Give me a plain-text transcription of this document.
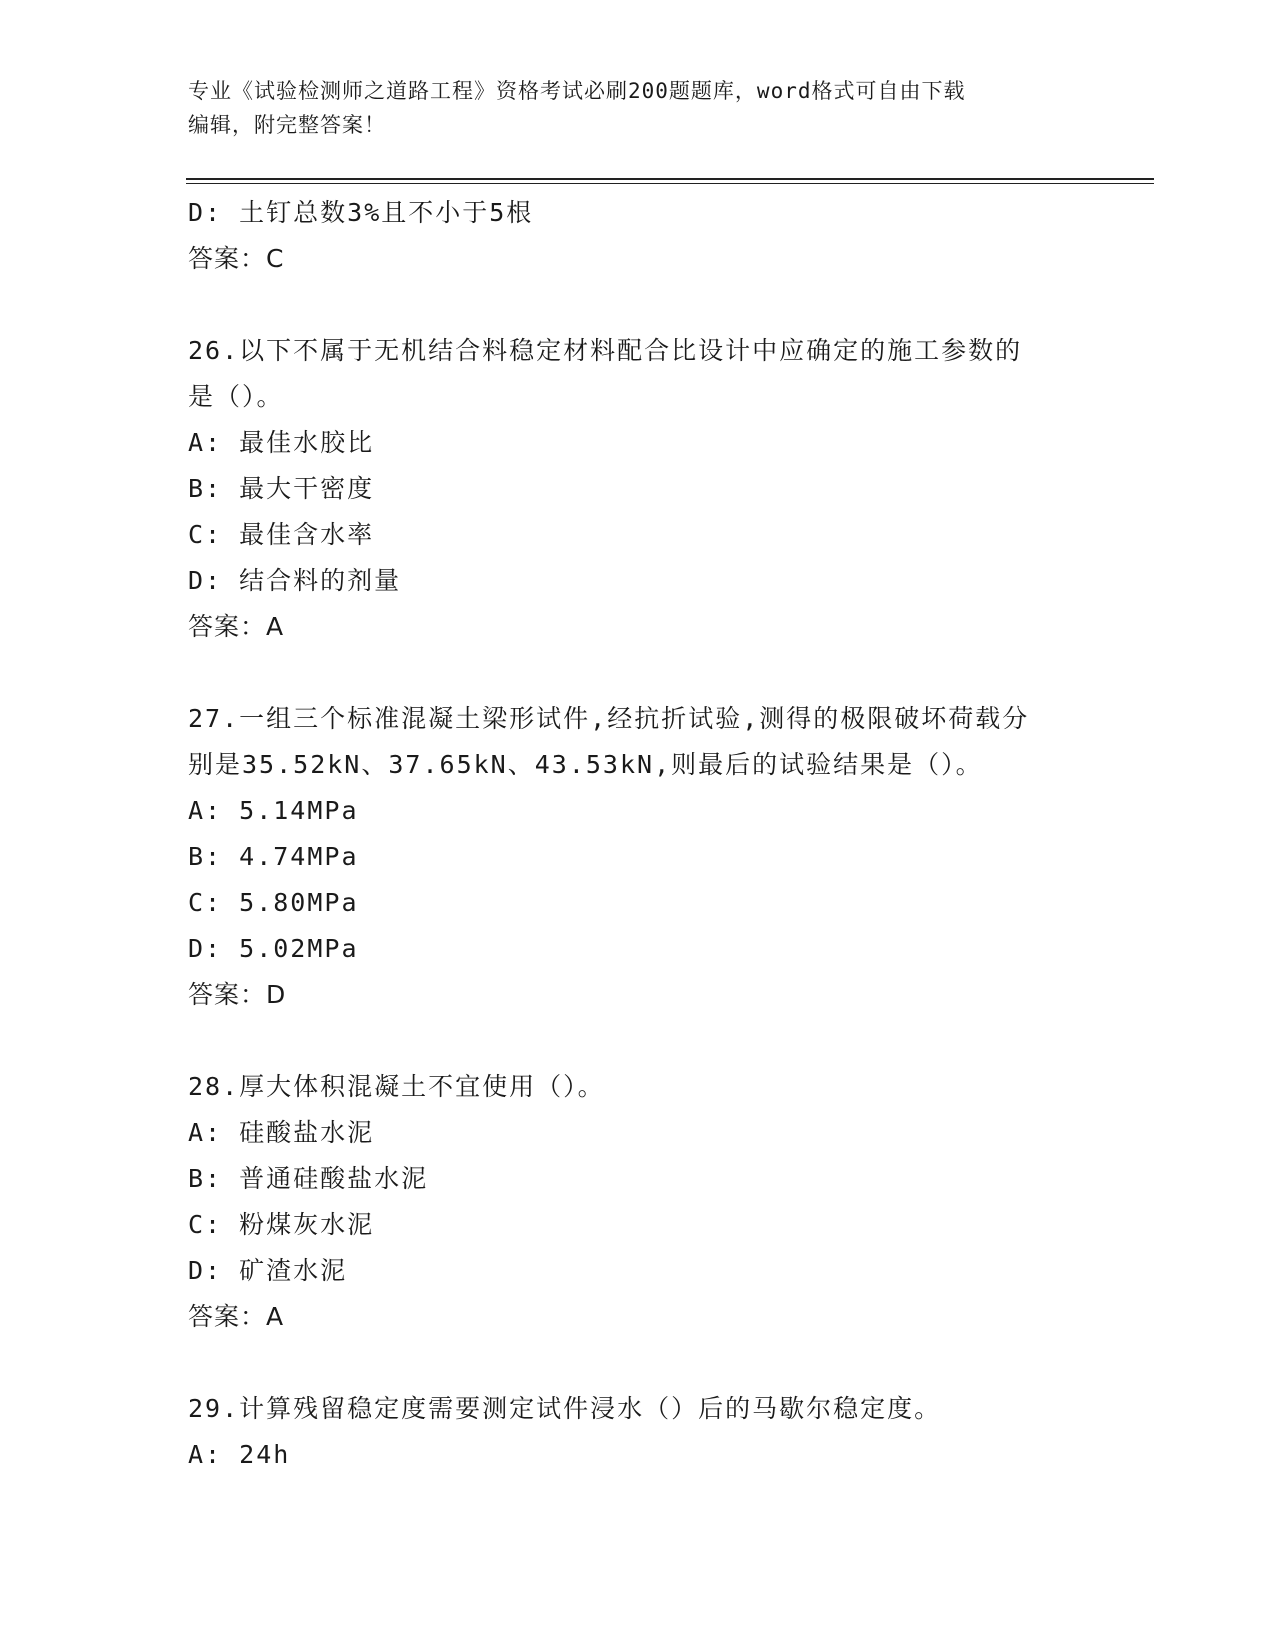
专业《试验检测师之道路工程》资格考试必刷200题题库，word格式可自由下载
编辑，附完整答案！
D: 土钉总数3%且不小于5根
答案：C
26.以下不属于无机结合料稳定材料配合比设计中应确定的施工参数的
是（）。
A: 最佳水胶比
B: 最大干密度
C: 最佳含水率
D: 结合料的剂量
答案：A
27.一组三个标准混凝土梁形试件,经抗折试验,测得的极限破坏荷载分
别是35.52kN、37.65kN、43.53kN,则最后的试验结果是（）。
A: 5.14MPa
B: 4.74MPa
C: 5.80MPa
D: 5.02MPa
答案：D
28.厚大体积混凝土不宜使用（）。
A: 硅酸盐水泥
B: 普通硅酸盐水泥
C: 粉煤灰水泥
D: 矿渣水泥
答案：A
29.计算残留稳定度需要测定试件浸水（）后的马歇尔稳定度。
A: 24h
